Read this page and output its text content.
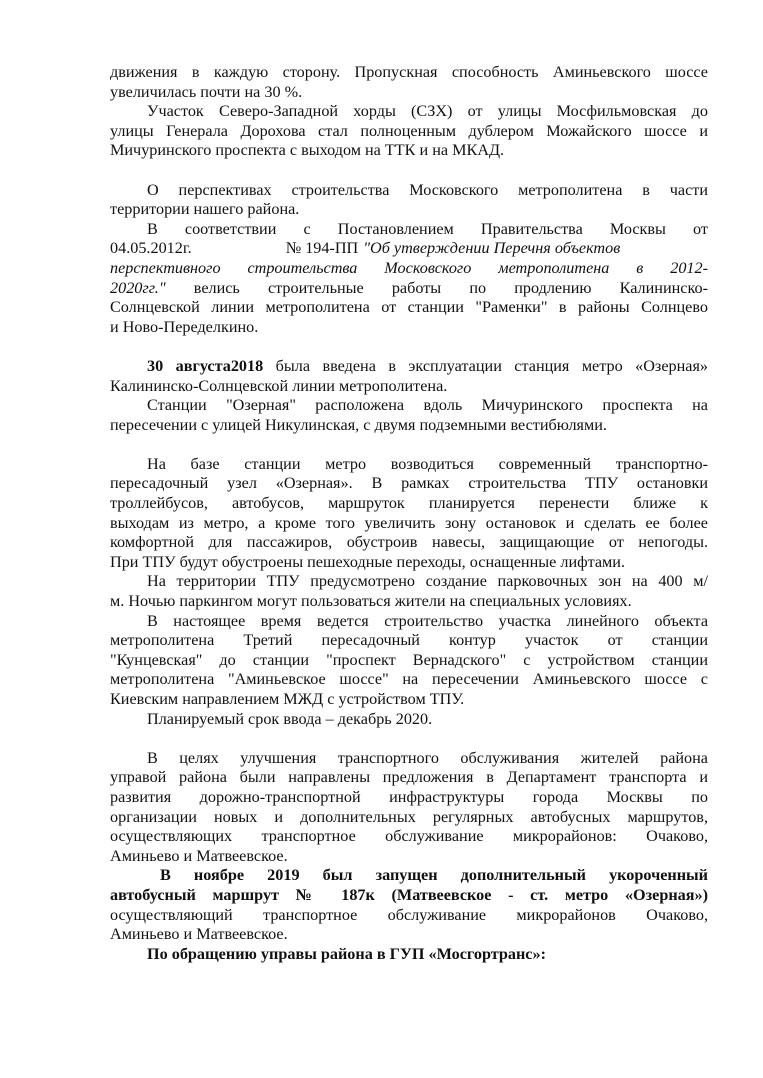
движения в каждую сторону. Пропускная способность Аминьевского шоссе
увеличилась почти на 30 %.
Участок Северо-Западной хорды (СЗХ) от улицы Мосфильмовская до
улицы Генерала Дорохова стал полноценным дублером Можайского шоссе и
Мичуринского проспекта с выходом на ТТК и на МКАД.
О перспективах строительства Московского метрополитена в части
территории нашего района.
В соответствии с Постановлением Правительства Москвы от
04.05.2012г.	№ 194-ПП "Об утверждении Перечня объектов
перспективного строительства Московского метрополитена в 2012-
2020гг." велись строительные работы по продлению Калининско-
Солнцевской линии метрополитена от станции "Раменки" в районы Солнцево
и Ново-Переделкино.
30 августа2018 была введена в эксплуатации станция метро «Озерная»
Калининско-Солнцевской линии метрополитена.
Станции "Озерная" расположена вдоль Мичуринского проспекта на
пересечении с улицей Никулинская, с двумя подземными вестибюлями.
На базе станции метро возводиться современный транспортно-
пересадочный узел «Озерная». В рамках строительства ТПУ остановки
троллейбусов, автобусов, маршруток планируется перенести ближе к
выходам из метро, а кроме того увеличить зону остановок и сделать ее более
комфортной для пассажиров, обустроив навесы, защищающие от непогоды.
При ТПУ будут обустроены пешеходные переходы, оснащенные лифтами.
На территории ТПУ предусмотрено создание парковочных зон на 400 м/
м. Ночью паркингом могут пользоваться жители на специальных условиях.
В настоящее время ведется строительство участка линейного объекта
метрополитена Третий пересадочный контур участок от станции
"Кунцевская" до станции "проспект Вернадского" с устройством станции
метрополитена "Аминьевское шоссе" на пересечении Аминьевского шоссе с
Киевским направлением МЖД с устройством ТПУ.
Планируемый срок ввода – декабрь 2020.
В целях улучшения транспортного обслуживания жителей района
управой района были направлены предложения в Департамент транспорта и
развития дорожно-транспортной инфраструктуры города Москвы по
организации новых и дополнительных регулярных автобусных маршрутов,
осуществляющих транспортное обслуживание микрорайонов: Очаково,
Аминьево и Матвеевское.
В ноябре 2019 был запущен дополнительный укороченный
автобусный маршрут № 187к (Матвеевское - ст. метро «Озерная»)
осуществляющий транспортное обслуживание микрорайонов Очаково,
Аминьево и Матвеевское.
По обращению управы района в ГУП «Мосгортранс»:
